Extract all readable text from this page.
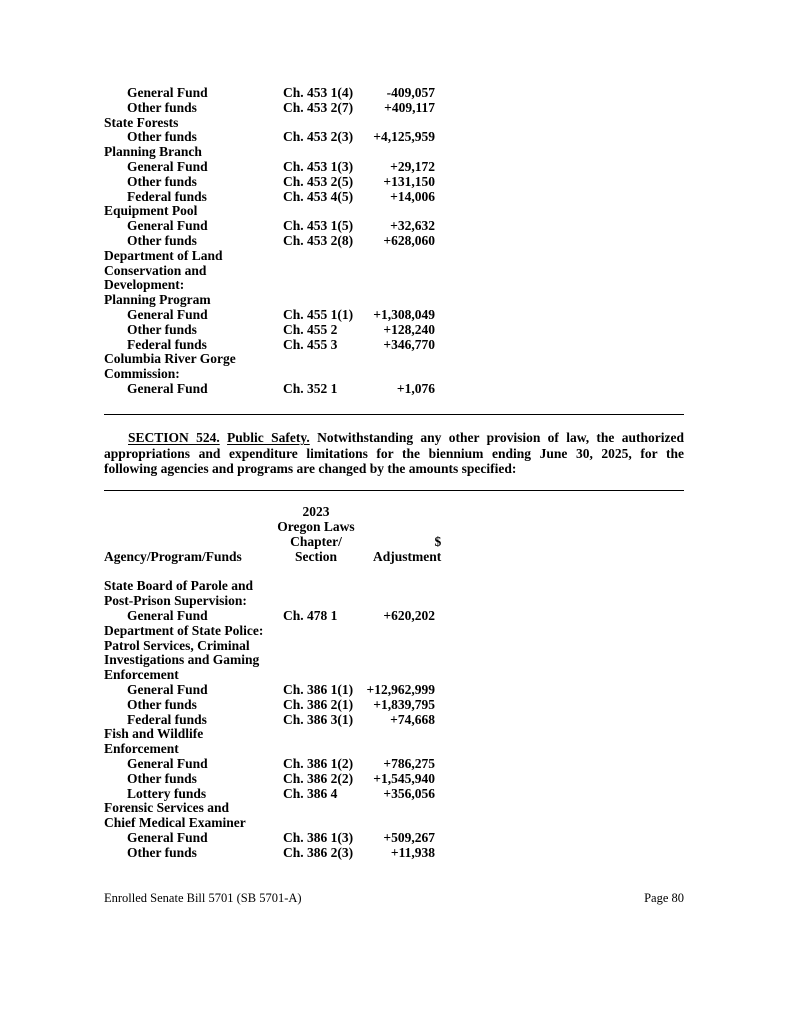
General Fund	Ch. 453 1(4)	-409,057
Other funds	Ch. 453 2(7)	+409,117
State Forests
Other funds	Ch. 453 2(3)	+4,125,959
Planning Branch
General Fund	Ch. 453 1(3)	+29,172
Other funds	Ch. 453 2(5)	+131,150
Federal funds	Ch. 453 4(5)	+14,006
Equipment Pool
General Fund	Ch. 453 1(5)	+32,632
Other funds	Ch. 453 2(8)	+628,060
Department of Land
Conservation and
Development:
Planning Program
General Fund	Ch. 455 1(1)	+1,308,049
Other funds	Ch. 455 2	+128,240
Federal funds	Ch. 455 3	+346,770
Columbia River Gorge
Commission:
General Fund	Ch. 352 1	+1,076
SECTION 524. Public Safety. Notwithstanding any other provision of law, the authorized
appropriations and expenditure limitations for the biennium ending June 30, 2025, for the
following agencies and programs are changed by the amounts specified:
2023
Oregon Laws
Chapter/	$
Agency/Program/Funds	Section	Adjustment
State Board of Parole and
Post-Prison Supervision:
General Fund	Ch. 478 1	+620,202
Department of State Police:
Patrol Services, Criminal
Investigations and Gaming
Enforcement
General Fund	Ch. 386 1(1) +12,962,999
Other funds	Ch. 386 2(1)	+1,839,795
Federal funds	Ch. 386 3(1)	+74,668
Fish and Wildlife
Enforcement
General Fund	Ch. 386 1(2)	+786,275
Other funds	Ch. 386 2(2)	+1,545,940
Lottery funds	Ch. 386 4	+356,056
Forensic Services and
Chief Medical Examiner
General Fund	Ch. 386 1(3)	+509,267
Other funds	Ch. 386 2(3)	+11,938
Enrolled Senate Bill 5701 (SB 5701-A)	Page 80
